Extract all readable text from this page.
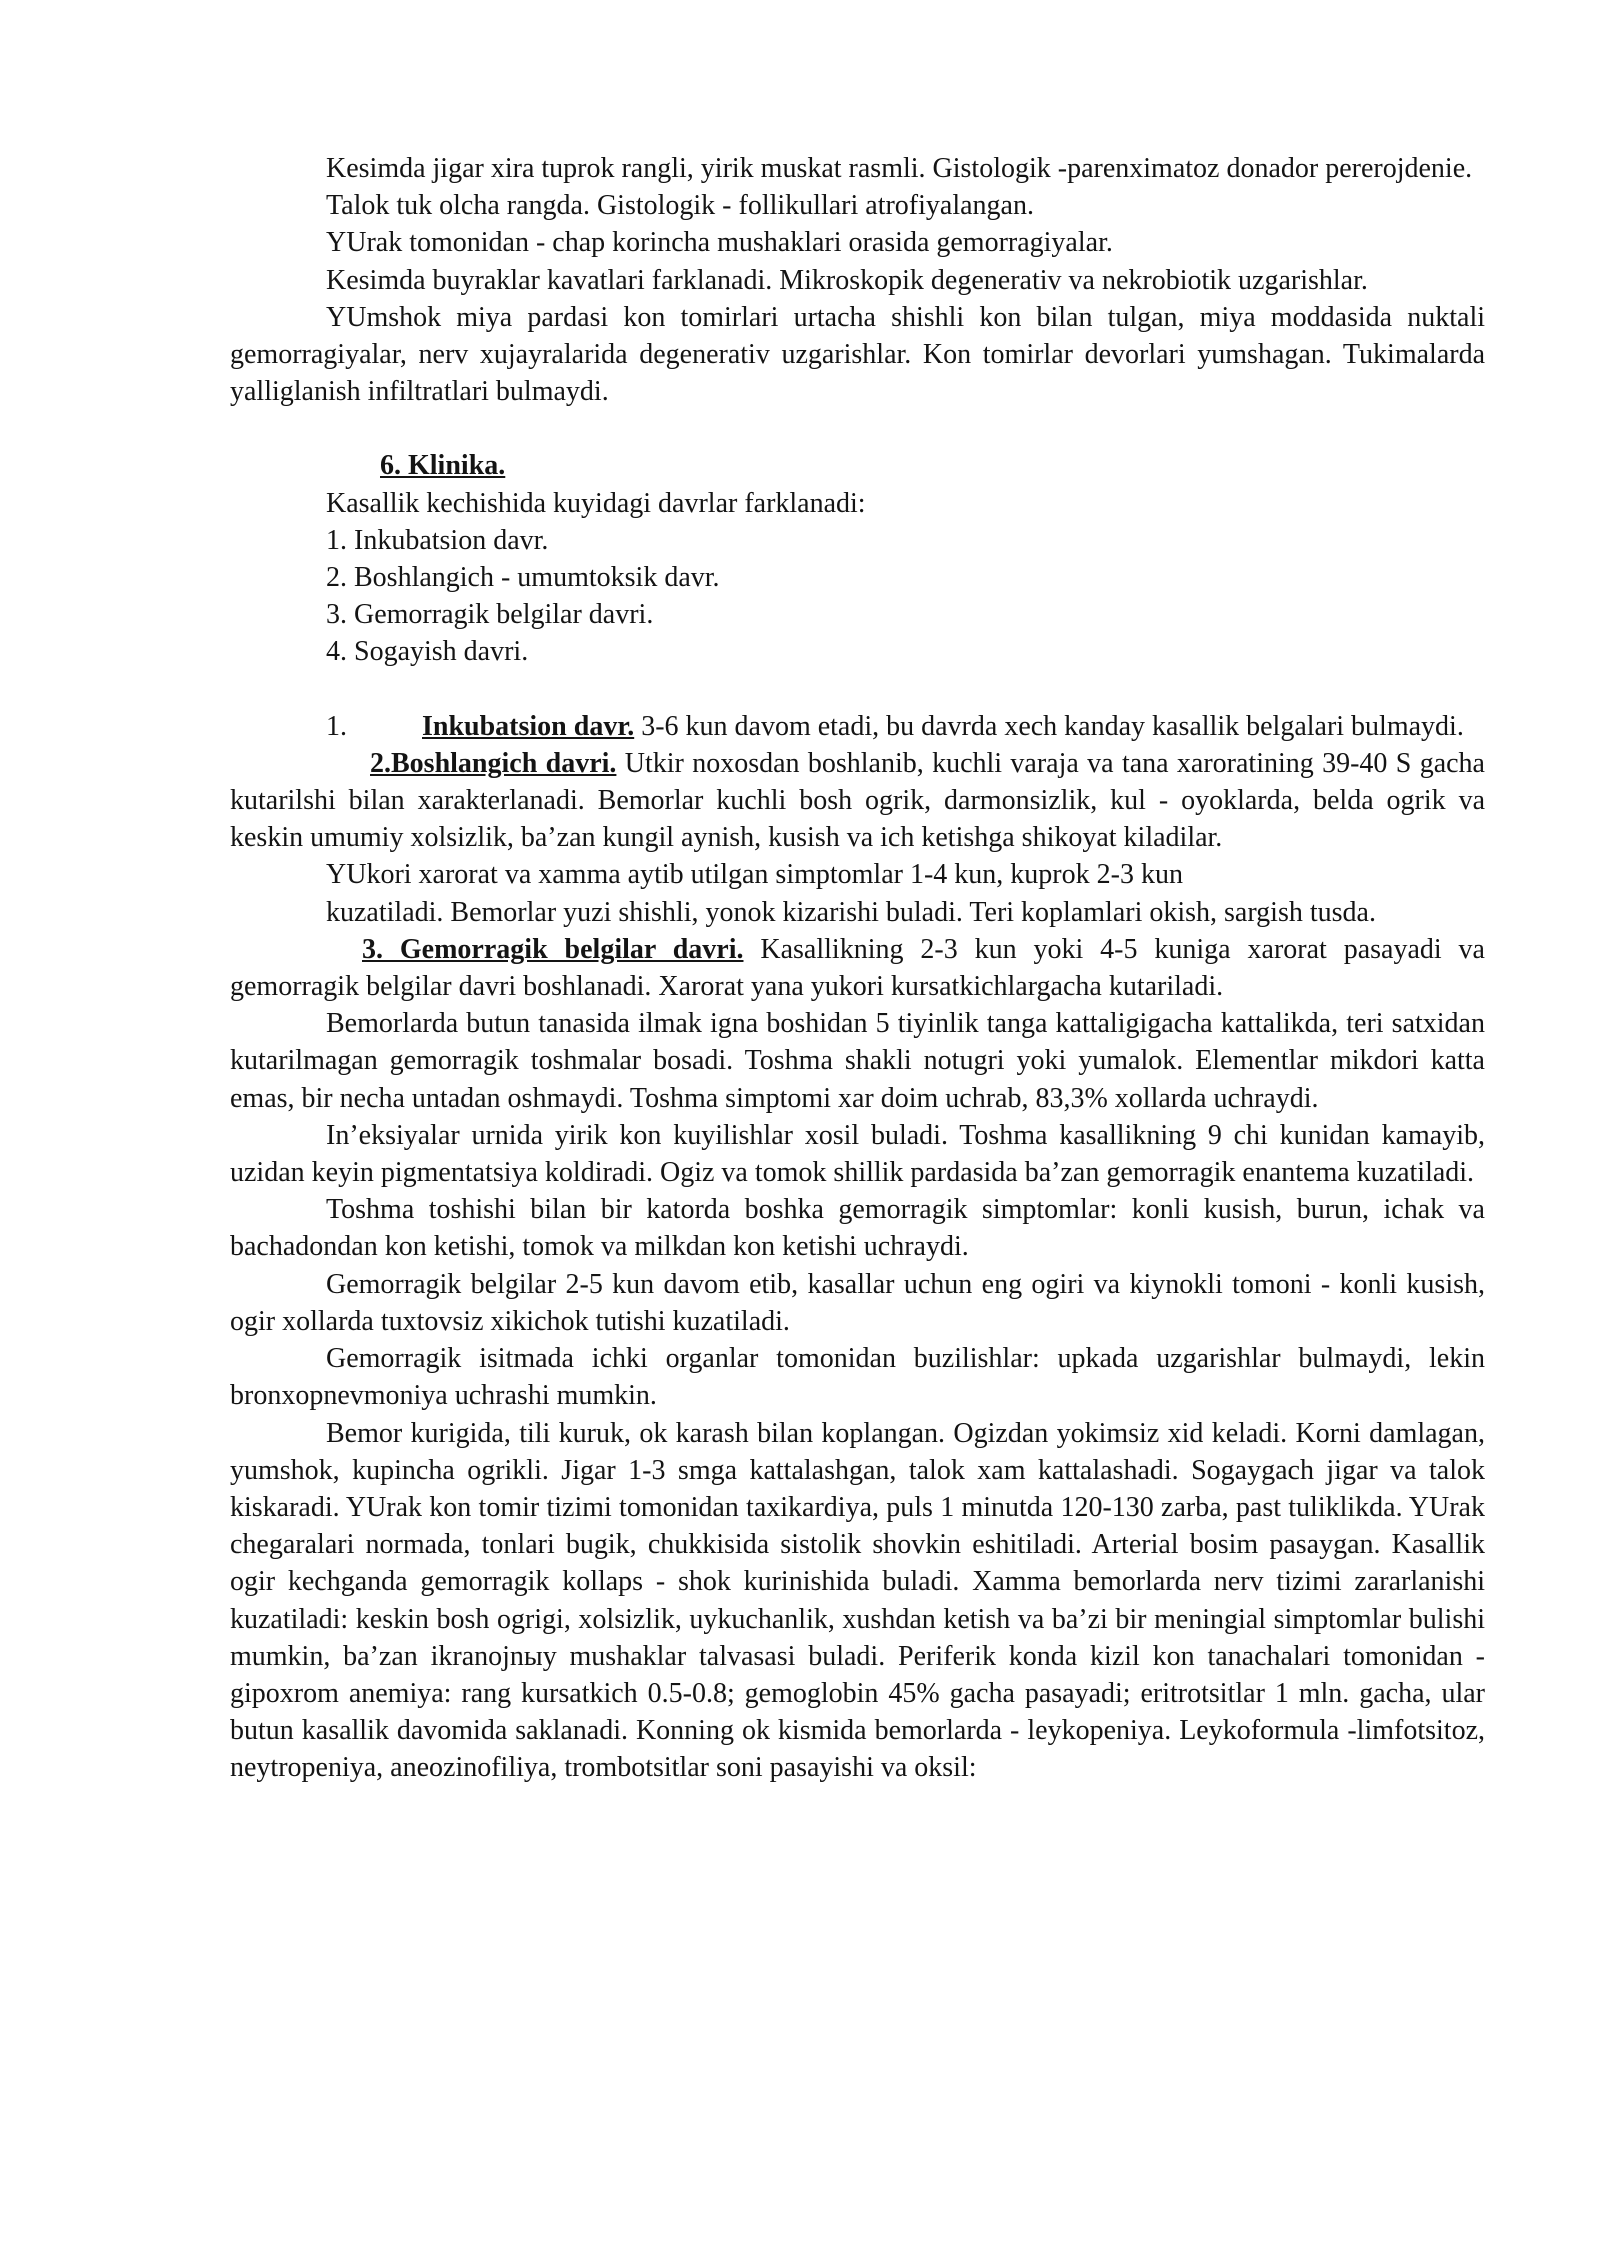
Kesimda jigar xira tuprok rangli, yirik muskat rasmli. Gistologik -parenximatoz donador pererojdenie.

Talok tuk olcha rangda. Gistologik - follikullari atrofiyalangan.

YUrak tomonidan - chap korincha mushaklari orasida gemorragiyalar.

Kesimda buyraklar kavatlari farklanadi. Mikroskopik degenerativ va nekrobiotik uzgarishlar.

YUmshok miya pardasi kon tomirlari urtacha shishli kon bilan tulgan, miya moddasida nuktali gemorragiyalar, nerv xujayralarida degenerativ uzgarishlar. Kon tomirlar devorlari yumshagan. Tukimalarda yalliglanish infiltratlari bulmaydi.

6. Klinika.

Kasallik kechishida kuyidagi davrlar farklanadi:

1. Inkubatsion davr.

2. Boshlangich - umumtoksik davr.

3. Gemorragik belgilar davri.

4. Sogayish davri.

1.	Inkubatsion davr. 3-6 kun davom etadi, bu davrda xech kanday kasallik belgalari bulmaydi.

2.Boshlangich davri. Utkir noxosdan boshlanib, kuchli varaja va tana xaroratining 39-40 S gacha kutarilshi bilan xarakterlanadi. Bemorlar kuchli bosh ogrik, darmonsizlik, kul - oyoklarda, belda ogrik va keskin umumiy xolsizlik, ba’zan kungil aynish, kusish va ich ketishga shikoyat kiladilar.

YUkori xarorat va xamma aytib utilgan simptomlar 1-4 kun, kuprok 2-3 kun

kuzatiladi. Bemorlar yuzi shishli, yonok kizarishi buladi. Teri koplamlari okish, sargish tusda.

3. Gemorragik belgilar davri. Kasallikning 2-3 kun yoki 4-5 kuniga xarorat pasayadi va gemorragik belgilar davri boshlanadi. Xarorat yana yukori kursatkichlargacha kutariladi.

Bemorlarda butun tanasida ilmak igna boshidan 5 tiyinlik tanga kattaligigacha kattalikda, teri satxidan kutarilmagan gemorragik toshmalar bosadi. Toshma shakli notugri yoki yumalok. Elementlar mikdori katta emas, bir necha untadan oshmaydi. Toshma simptomi xar doim uchrab, 83,3% xollarda uchraydi.

In’eksiyalar urnida yirik kon kuyilishlar xosil buladi. Toshma kasallikning 9 chi kunidan kamayib, uzidan keyin pigmentatsiya koldiradi. Ogiz va tomok shillik pardasida ba’zan gemorragik enantema kuzatiladi.

Toshma toshishi bilan bir katorda boshka gemorragik simptomlar: konli kusish, burun, ichak va bachadondan kon ketishi, tomok va milkdan kon ketishi uchraydi.

Gemorragik belgilar 2-5 kun davom etib, kasallar uchun eng ogiri va kiynokli tomoni - konli kusish, ogir xollarda tuxtovsiz xikichok tutishi kuzatiladi.

Gemorragik isitmada ichki organlar tomonidan buzilishlar: upkada uzgarishlar bulmaydi, lekin bronxopnevmoniya uchrashi mumkin.

Bemor kurigida, tili kuruk, ok karash bilan koplangan. Ogizdan yokimsiz xid keladi. Korni damlagan, yumshok, kupincha ogrikli. Jigar 1-3 smga kattalashgan, talok xam kattalashadi. Sogaygach jigar va talok kiskaradi. YUrak kon tomir tizimi tomonidan taxikardiya, puls 1 minutda 120-130 zarba, past tuliklikda. YUrak chegaralari normada, tonlari bugik, chukkisida sistolik shovkin eshitiladi. Arterial bosim pasaygan. Kasallik ogir kechganda gemorragik kollaps - shok kurinishida buladi. Xamma bemorlarda nerv tizimi zararlanishi kuzatiladi: keskin bosh ogrigi, xolsizlik, uykuchanlik, xushdan ketish va ba’zi bir meningial simptomlar bulishi mumkin, ba’zan ikranojnыy mushaklar talvasasi buladi. Periferik konda kizil kon tanachalari tomonidan - gipoxrom anemiya: rang kursatkich 0.5-0.8; gemoglobin 45% gacha pasayadi; eritrotsitlar 1 mln. gacha, ular butun kasallik davomida saklanadi. Konning ok kismida bemorlarda - leykopeniya. Leykoformula -limfotsitoz, neytropeniya, aneozinofiliya, trombotsitlar soni pasayishi va oksil:
